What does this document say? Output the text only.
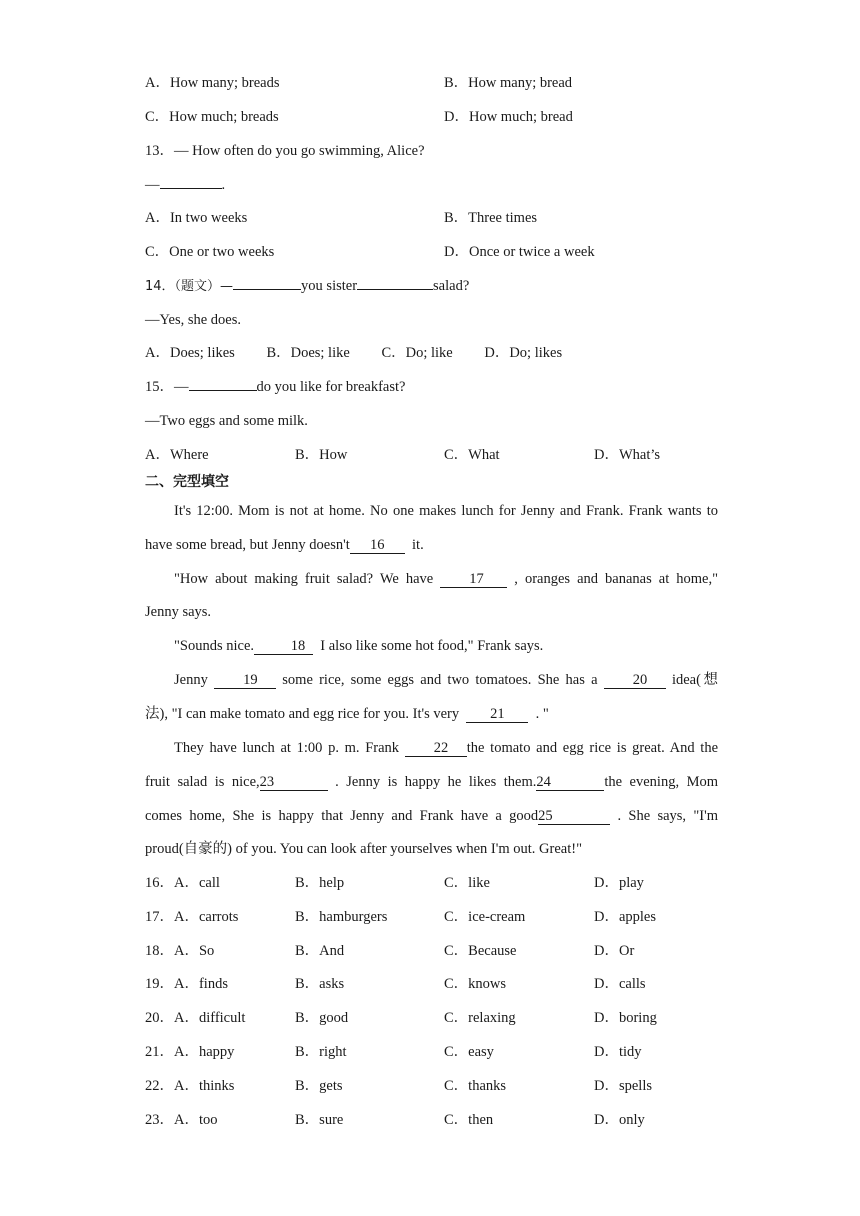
A．How many; breads	B．How many; bread
C．How much; breads	D．How much; bread
13．— How often do you go swimming, Alice?
—	.
A．In two weeks	B．Three times
C．One or two weeks	D．Once or twice a week
14．（题文）—	you sister	salad?
—Yes, she does.
A．Does; likes B．Does; like C．Do; like D．Do; likes
15．—	do you like for breakfast?
—Two eggs and some milk.
A．Where	B．How	C．What	D．What’s
二、完型填空
It's 12:00. Mom is not at home. No one makes lunch for Jenny and Frank. Frank wants to
have some bread, but Jenny doesn't 16 it.
"How about making fruit salad? We have 17 , oranges and bananas at home,"
Jenny says.
"Sounds nice.	18 I also like some hot food," Frank says.
Jenny 19 some rice, some eggs and two tomatoes. She has a 20 idea(想
法), "I can make tomato and egg rice for you. It's very 21 . "
They have lunch at 1:00 p. m. Frank 22 the tomato and egg rice is great. And the
fruit salad is nice,23	. Jenny is happy he likes them.24	the evening, Mom
comes home, She is happy that Jenny and Frank have a good25	. She says, "I'm
proud(自豪的) of you. You can look after yourselves when I'm out. Great!"
16．A．call	B．help	C．like	D．play
17．A．carrots	B．hamburgers	C．ice-cream	D．apples
18．A．So	B．And	C．Because	D．Or
19．A．finds	B．asks	C．knows	D．calls
20．A．difficult	B．good	C．relaxing	D．boring
21．A．happy	B．right	C．easy	D．tidy
22．A．thinks	B．gets	C．thanks	D．spells
23．A．too	B．sure	C．then	D．only
